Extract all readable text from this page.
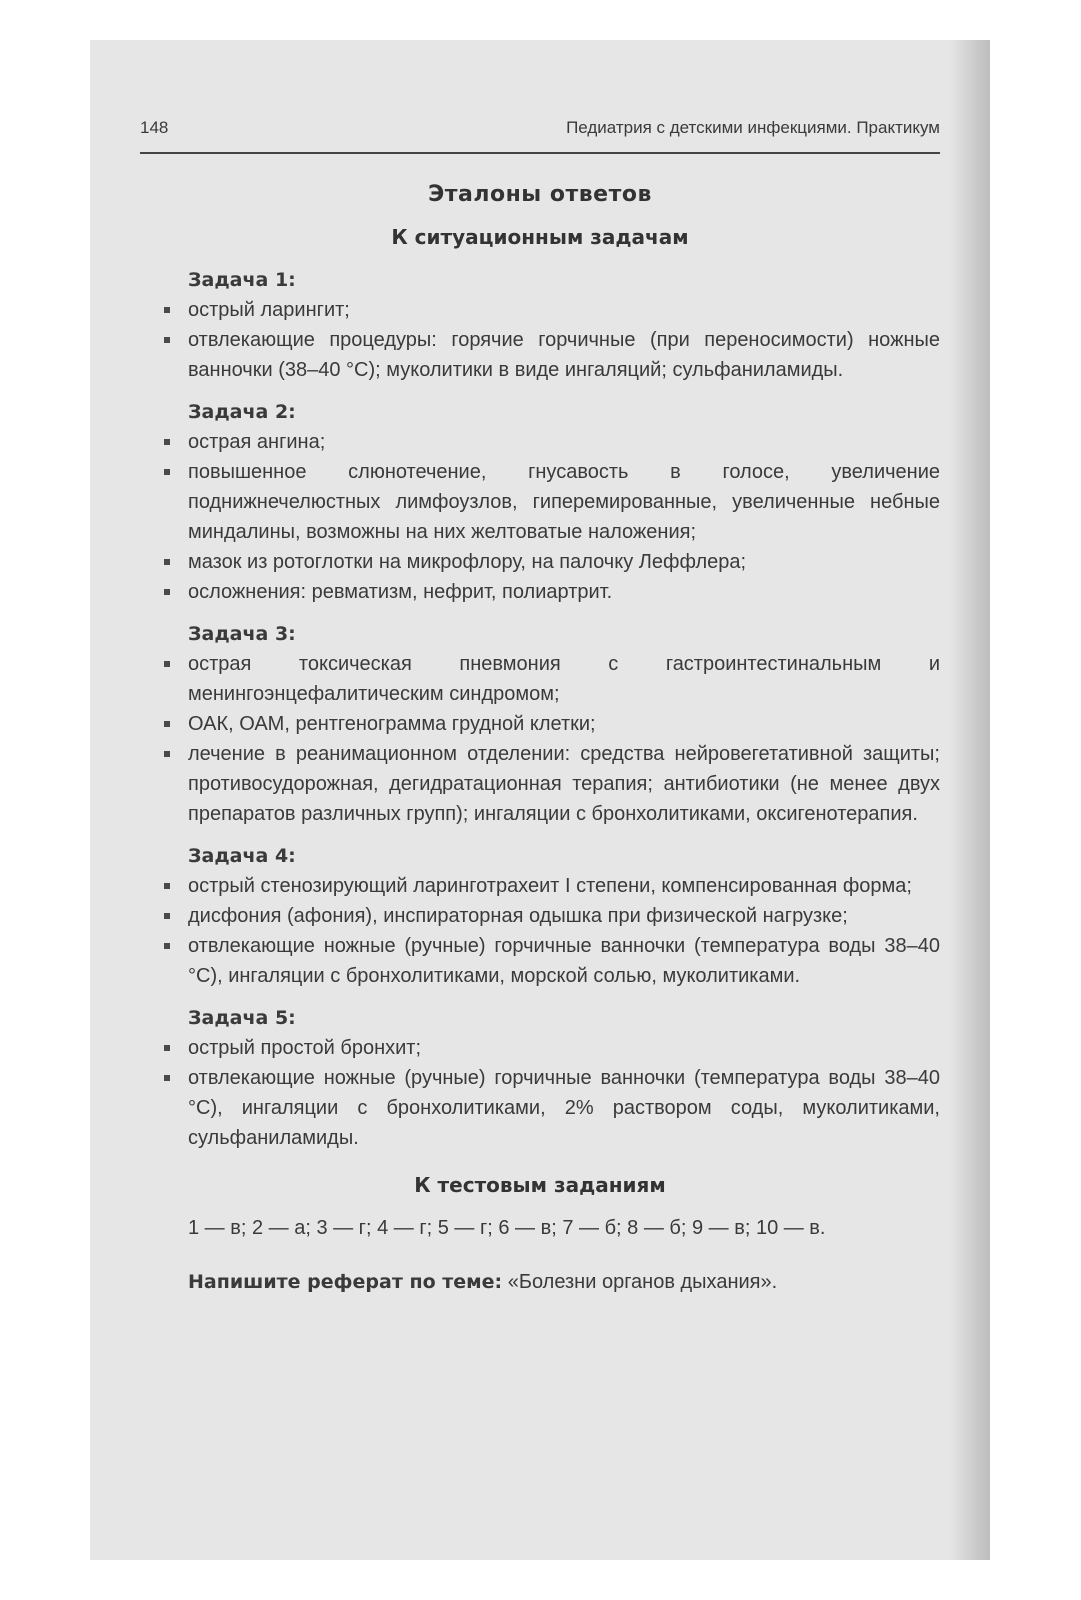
148	Педиатрия с детскими инфекциями. Практикум
Эталоны ответов
К ситуационным задачам
Задача 1:
острый ларингит;
отвлекающие процедуры: горячие горчичные (при переносимости) ножные ванночки (38–40 °С); муколитики в виде ингаляций; сульфаниламиды.
Задача 2:
острая ангина;
повышенное слюнотечение, гнусавость в голосе, увеличение поднижнечелюстных лимфоузлов, гиперемированные, увеличенные небные миндалины, возможны на них желтоватые наложения;
мазок из ротоглотки на микрофлору, на палочку Леффлера;
осложнения: ревматизм, нефрит, полиартрит.
Задача 3:
острая токсическая пневмония с гастроинтестинальным и менингоэнцефалитическим синдромом;
ОАК, ОАМ, рентгенограмма грудной клетки;
лечение в реанимационном отделении: средства нейровегетативной защиты; противосудорожная, дегидратационная терапия; антибиотики (не менее двух препаратов различных групп); ингаляции с бронхолитиками, оксигенотерапия.
Задача 4:
острый стенозирующий ларинготрахеит I степени, компенсированная форма;
дисфония (афония), инспираторная одышка при физической нагрузке;
отвлекающие ножные (ручные) горчичные ванночки (температура воды 38–40 °С), ингаляции с бронхолитиками, морской солью, муколитиками.
Задача 5:
острый простой бронхит;
отвлекающие ножные (ручные) горчичные ванночки (температура воды 38–40 °С), ингаляции с бронхолитиками, 2% раствором соды, муколитиками, сульфаниламиды.
К тестовым заданиям
1 — в; 2 — а; 3 — г; 4 — г; 5 — г; 6 — в; 7 — б; 8 — б; 9 — в; 10 — в.
Напишите реферат по теме: «Болезни органов дыхания».
